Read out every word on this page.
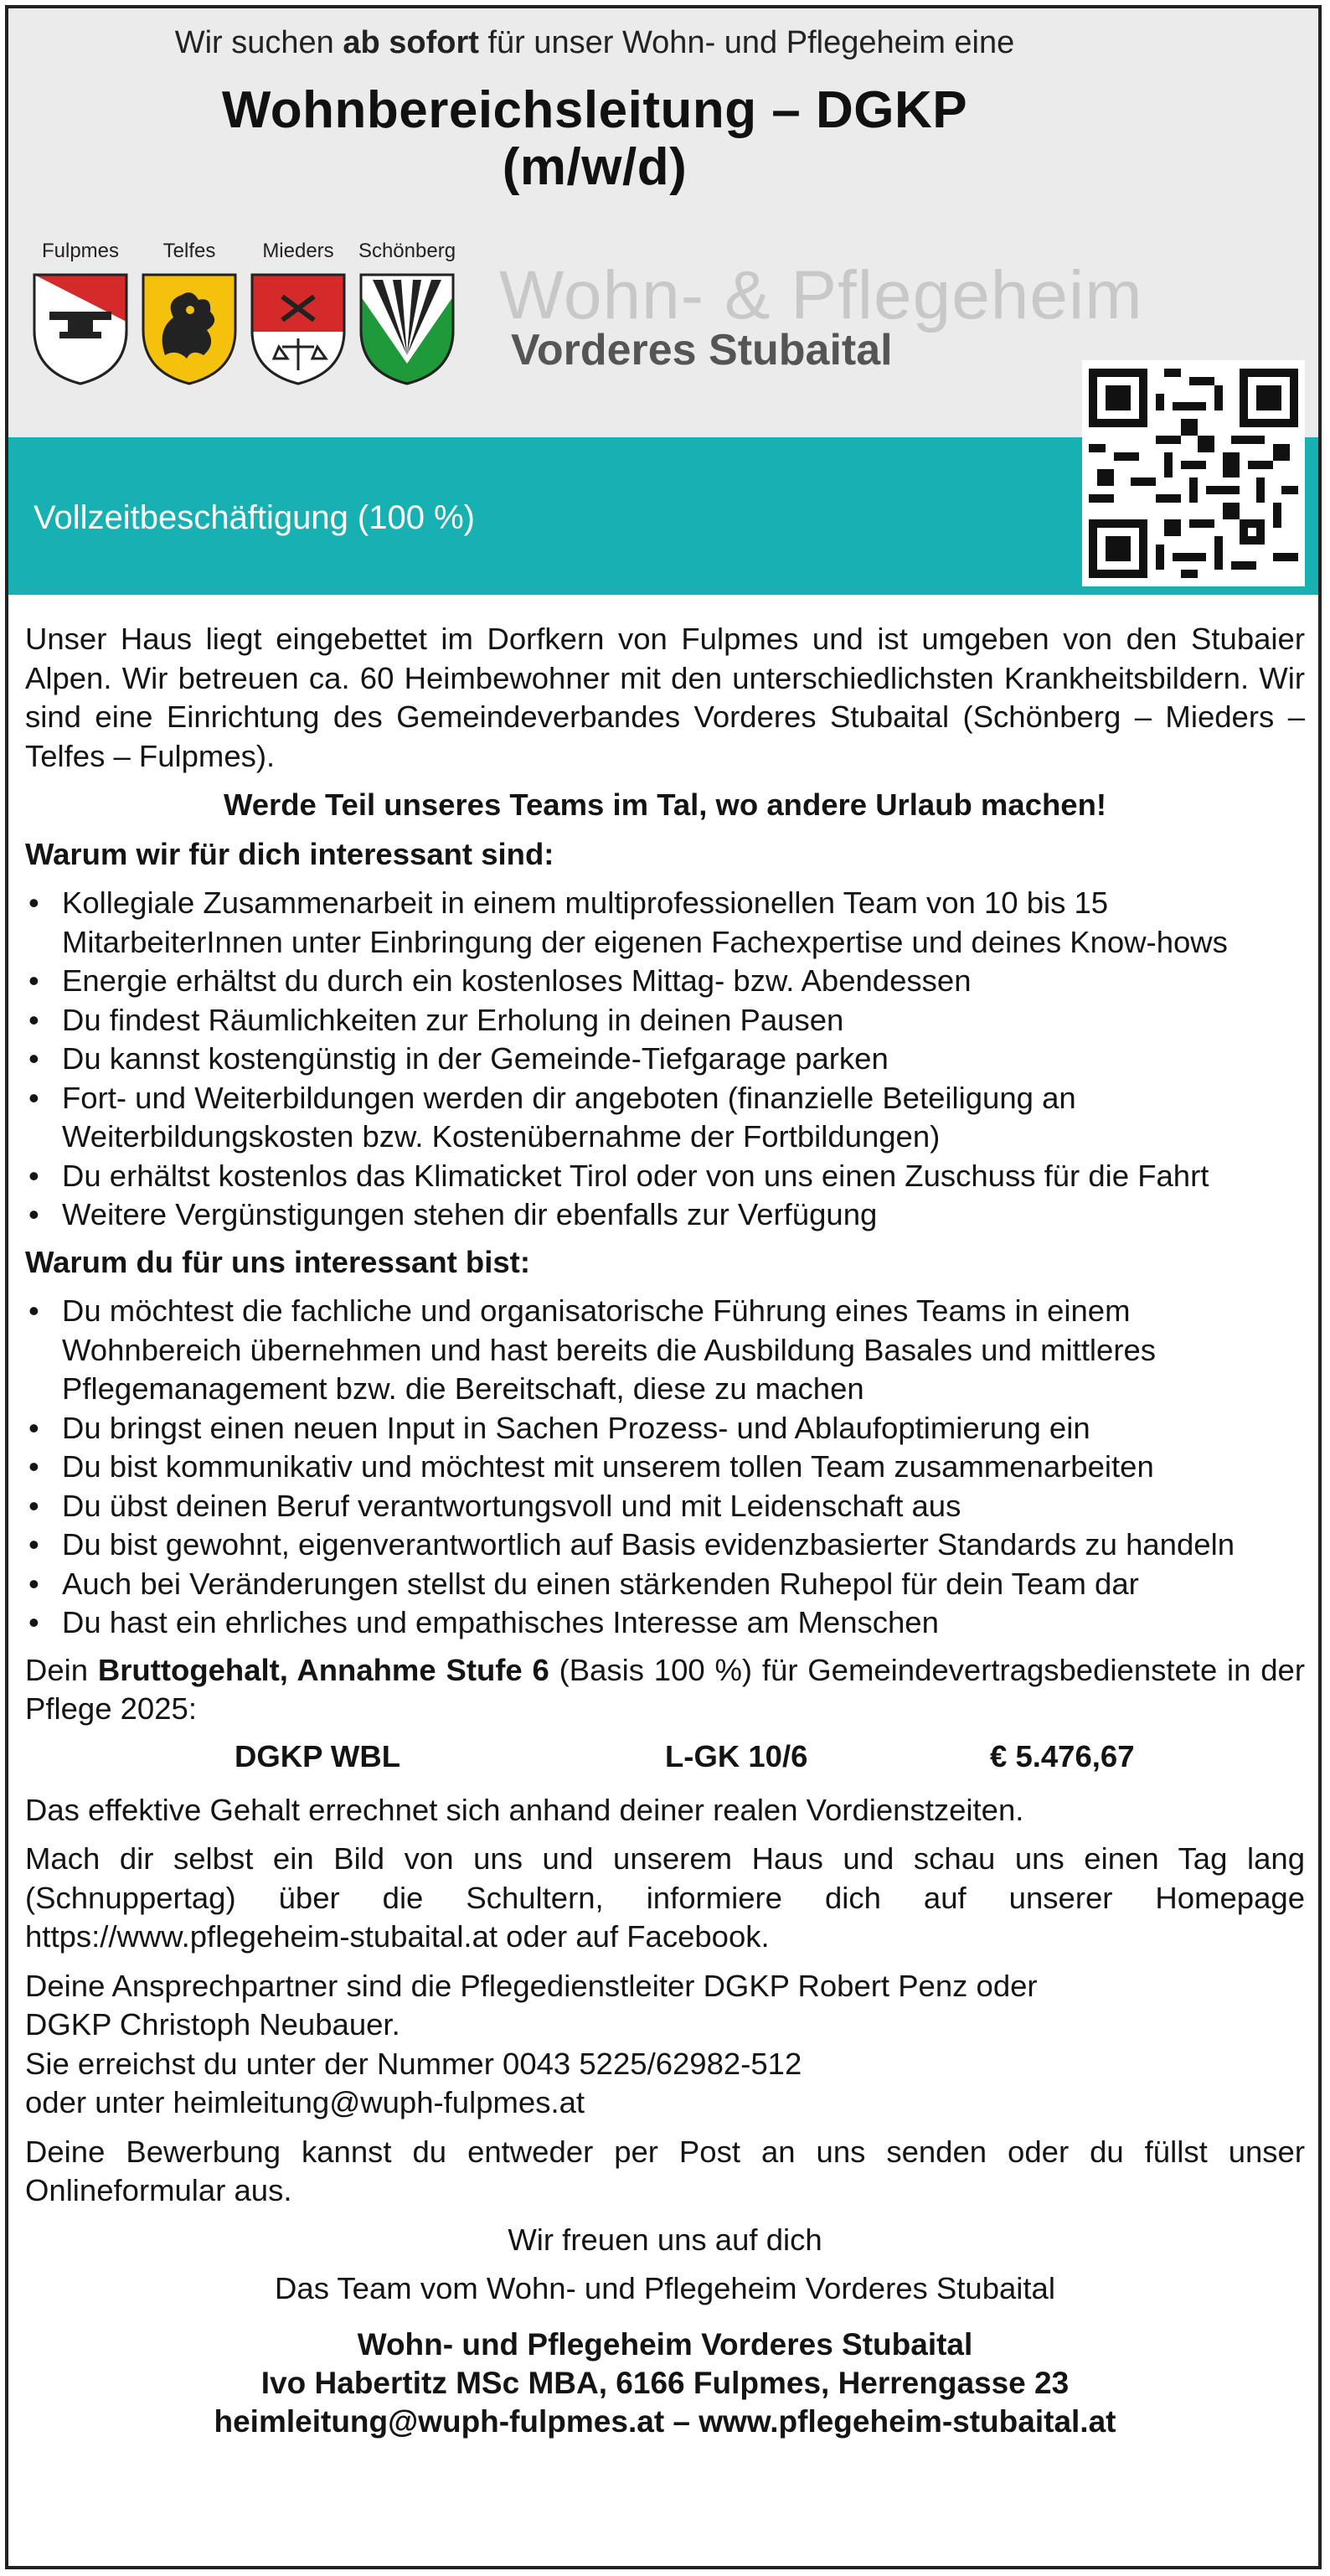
Wir suchen ab sofort für unser Wohn- und Pflegeheim eine
Wohnbereichsleitung – DGKP
(m/w/d)
Fulpmes	Telfes	Mieders	Schönberg
Wohn- & Pflegeheim
Vorderes Stubaital
Vollzeitbeschäftigung (100 %)

Unser Haus liegt eingebettet im Dorfkern von Fulpmes und ist umgeben von den Stubaier Alpen. Wir betreuen ca. 60 Heimbewohner mit den unterschiedlichsten Krankheitsbildern. Wir sind eine Einrichtung des Gemeindeverbandes Vorderes Stubaital (Schönberg – Mieders – Telfes – Fulpmes).

Werde Teil unseres Teams im Tal, wo andere Urlaub machen!

Warum wir für dich interessant sind:

• Kollegiale Zusammenarbeit in einem multiprofessionellen Team von 10 bis 15 MitarbeiterInnen unter Einbringung der eigenen Fachexpertise und deines Know-hows
• Energie erhältst du durch ein kostenloses Mittag- bzw. Abendessen
• Du findest Räumlichkeiten zur Erholung in deinen Pausen
• Du kannst kostengünstig in der Gemeinde-Tiefgarage parken
• Fort- und Weiterbildungen werden dir angeboten (finanzielle Beteiligung an Weiterbildungskosten bzw. Kostenübernahme der Fortbildungen)
• Du erhältst kostenlos das Klimaticket Tirol oder von uns einen Zuschuss für die Fahrt
• Weitere Vergünstigungen stehen dir ebenfalls zur Verfügung

Warum du für uns interessant bist:

• Du möchtest die fachliche und organisatorische Führung eines Teams in einem Wohnbereich übernehmen und hast bereits die Ausbildung Basales und mittleres Pflegemanagement bzw. die Bereitschaft, diese zu machen
• Du bringst einen neuen Input in Sachen Prozess- und Ablaufoptimierung ein
• Du bist kommunikativ und möchtest mit unserem tollen Team zusammenarbeiten
• Du übst deinen Beruf verantwortungsvoll und mit Leidenschaft aus
• Du bist gewohnt, eigenverantwortlich auf Basis evidenzbasierter Standards zu handeln
• Auch bei Veränderungen stellst du einen stärkenden Ruhepol für dein Team dar
• Du hast ein ehrliches und empathisches Interesse am Menschen

Dein Bruttogehalt, Annahme Stufe 6 (Basis 100 %) für Gemeindevertragsbedienstete in der Pflege 2025:

DGKP WBL	L-GK 10/6	€ 5.476,67

Das effektive Gehalt errechnet sich anhand deiner realen Vordienstzeiten.

Mach dir selbst ein Bild von uns und unserem Haus und schau uns einen Tag lang (Schnuppertag) über die Schultern, informiere dich auf unserer Homepage https://www.pflegeheim-stubaital.at oder auf Facebook.

Deine Ansprechpartner sind die Pflegedienstleiter DGKP Robert Penz oder
DGKP Christoph Neubauer.
Sie erreichst du unter der Nummer 0043 5225/62982-512
oder unter heimleitung@wuph-fulpmes.at

Deine Bewerbung kannst du entweder per Post an uns senden oder du füllst unser Onlineformular aus.

Wir freuen uns auf dich

Das Team vom Wohn- und Pflegeheim Vorderes Stubaital

Wohn- und Pflegeheim Vorderes Stubaital
Ivo Habertitz MSc MBA, 6166 Fulpmes, Herrengasse 23
heimleitung@wuph-fulpmes.at – www.pflegeheim-stubaital.at
